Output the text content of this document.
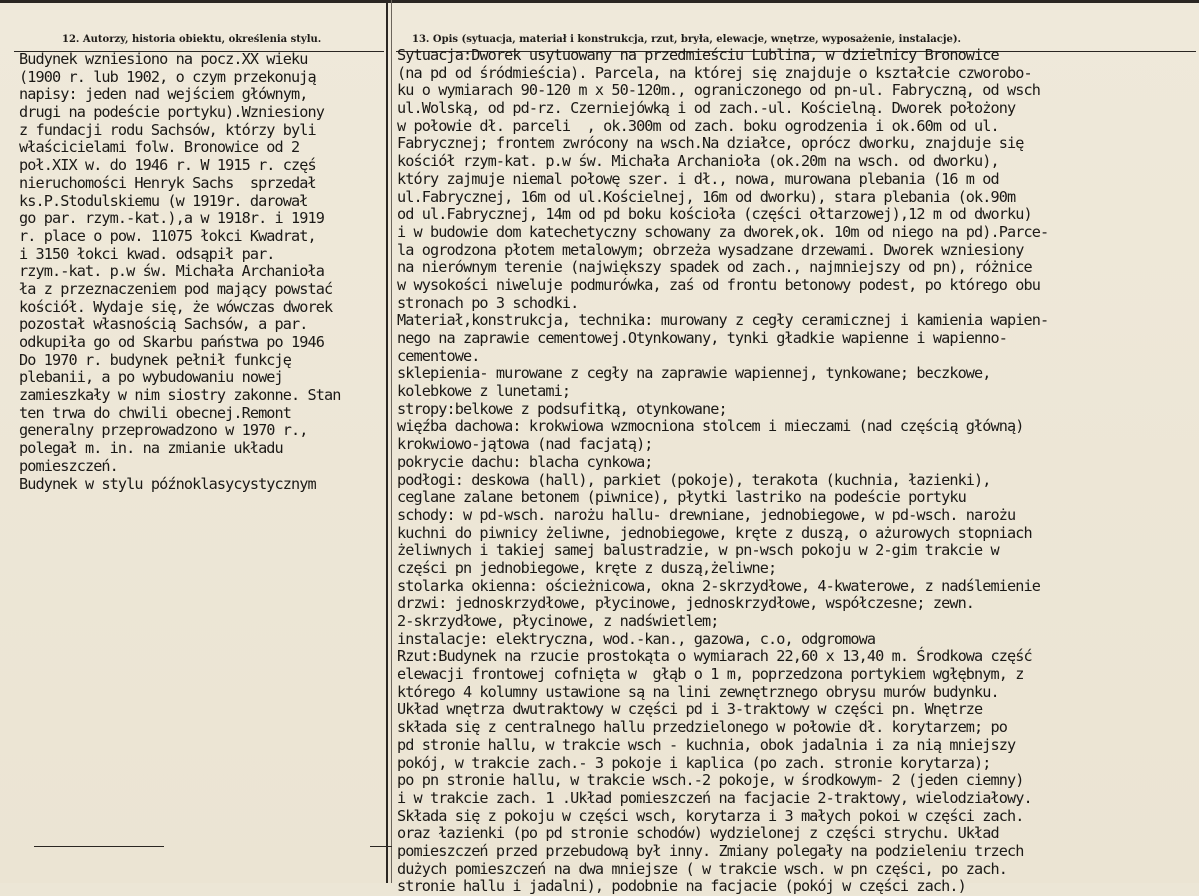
12. Autorzy, historia obiektu, określenia stylu.	13. Opis (sytuacja, materiał i konstrukcja, rzut, bryła, elewacje, wnętrze, wyposażenie, instalacje).
Budynek wzniesiono na pocz.XX wieku
(1900 r. lub 1902, o czym przekonują
napisy: jeden nad wejściem głównym,
drugi na podeście portyku).Wzniesiony
z fundacji rodu Sachsów, którzy byli
właścicielami folw. Bronowice od 2
poł.XIX w. do 1946 r. W 1915 r. częś
nieruchomości Henryk Sachs  sprzedał
ks.P.Stodulskiemu (w 1919r. darował
go par. rzym.-kat.),a w 1918r. i 1919
r. place o pow. 11075 łokci Kwadrat,
i 3150 łokci kwad. odsąpił par.
rzym.-kat. p.w św. Michała Archanioła
ła z przeznaczeniem pod mający powstać
kościół. Wydaje się, że wówczas dworek
pozostał własnością Sachsów, a par.
odkupiła go od Skarbu państwa po 1946
Do 1970 r. budynek pełnił funkcję
plebanii, a po wybudowaniu nowej
zamieszkały w nim siostry zakonne. Stan
ten trwa do chwili obecnej.Remont
generalny przeprowadzono w 1970 r.,
polegał m. in. na zmianie układu
pomieszczeń.
Budynek w stylu późnoklasycystycznym
Sytuacja:Dworek usytuowany na przedmieściu Lublina, w dzielnicy Bronowice
(na pd od śródmieścia). Parcela, na której się znajduje o kształcie czworobo-
ku o wymiarach 90-120 m x 50-120m., ograniczonego od pn-ul. Fabryczną, od wsch
ul.Wolską, od pd-rz. Czerniejówką i od zach.-ul. Kościelną. Dworek położony
w połowie dł. parceli  , ok.300m od zach. boku ogrodzenia i ok.60m od ul.
Fabrycznej; frontem zwrócony na wsch.Na działce, oprócz dworku, znajduje się
kościół rzym-kat. p.w św. Michała Archanioła (ok.20m na wsch. od dworku),
który zajmuje niemal połowę szer. i dł., nowa, murowana plebania (16 m od
ul.Fabrycznej, 16m od ul.Kościelnej, 16m od dworku), stara plebania (ok.90m
od ul.Fabrycznej, 14m od pd boku kościoła (części ołtarzowej),12 m od dworku)
i w budowie dom katechetyczny schowany za dworek,ok. 10m od niego na pd).Parce-
la ogrodzona płotem metalowym; obrzeża wysadzane drzewami. Dworek wzniesiony
na nierównym terenie (największy spadek od zach., najmniejszy od pn), różnice
w wysokości niweluje podmurówka, zaś od frontu betonowy podest, po którego obu
stronach po 3 schodki.
Materiał,konstrukcja, technika: murowany z cegły ceramicznej i kamienia wapien-
nego na zaprawie cementowej.Otynkowany, tynki gładkie wapienne i wapienno-
cementowe.
sklepienia- murowane z cegły na zaprawie wapiennej, tynkowane; beczkowe,
kolebkowe z lunetami;
stropy:belkowe z podsufitką, otynkowane;
więźba dachowa: krokwiowa wzmocniona stolcem i mieczami (nad częścią główną)
krokwiowo-jątowa (nad facjatą);
pokrycie dachu: blacha cynkowa;
podłogi: deskowa (hall), parkiet (pokoje), terakota (kuchnia, łazienki),
ceglane zalane betonem (piwnice), płytki lastriko na podeście portyku
schody: w pd-wsch. narożu hallu- drewniane, jednobiegowe, w pd-wsch. narożu
kuchni do piwnicy żeliwne, jednobiegowe, kręte z duszą, o ażurowych stopniach
żeliwnych i takiej samej balustradzie, w pn-wsch pokoju w 2-gim trakcie w
części pn jednobiegowe, kręte z duszą,żeliwne;
stolarka okienna: ościeżnicowa, okna 2-skrzydłowe, 4-kwaterowe, z nadślemienie
drzwi: jednoskrzydłowe, płycinowe, jednoskrzydłowe, współczesne; zewn.
2-skrzydłowe, płycinowe, z nadświetlem;
instalacje: elektryczna, wod.-kan., gazowa, c.o, odgromowa
Rzut:Budynek na rzucie prostokąta o wymiarach 22,60 x 13,40 m. Środkowa część
elewacji frontowej cofnięta w  głąb o 1 m, poprzedzona portykiem wgłębnym, z
którego 4 kolumny ustawione są na lini zewnętrznego obrysu murów budynku.
Układ wnętrza dwutraktowy w części pd i 3-traktowy w części pn. Wnętrze
składa się z centralnego hallu przedzielonego w połowie dł. korytarzem; po
pd stronie hallu, w trakcie wsch - kuchnia, obok jadalnia i za nią mniejszy
pokój, w trakcie zach.- 3 pokoje i kaplica (po zach. stronie korytarza);
po pn stronie hallu, w trakcie wsch.-2 pokoje, w środkowym- 2 (jeden ciemny)
i w trakcie zach. 1 .Układ pomieszczeń na facjacie 2-traktowy, wielodziałowy.
Składa się z pokoju w części wsch, korytarza i 3 małych pokoi w części zach.
oraz łazienki (po pd stronie schodów) wydzielonej z części strychu. Układ
pomieszczeń przed przebudową był inny. Zmiany polegały na podzieleniu trzech
dużych pomieszczeń na dwa mniejsze ( w trakcie wsch. w pn części, po zach.
stronie hallu i jadalni), podobnie na facjacie (pokój w części zach.)
